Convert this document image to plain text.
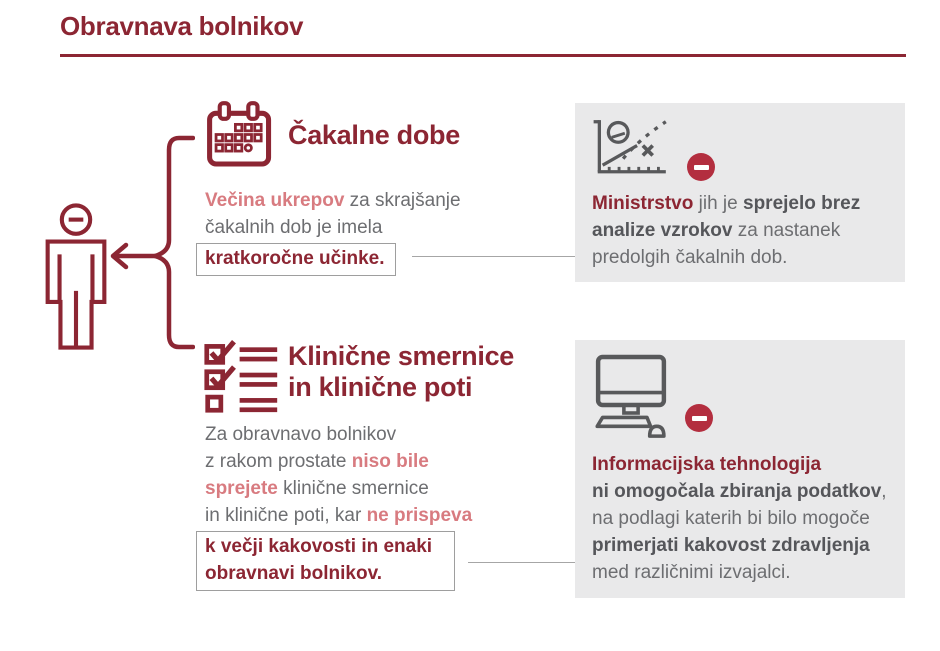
Obravnava bolnikov
Čakalne dobe

Večina ukrepov za skrajšanje
čakalnih dob je imela
kratkoročne učinke.

Ministrstvo jih je sprejelo brez
analize vzrokov za nastanek
predolgih čakalnih dob.

Klinične smernice
in klinične poti

Za obravnavo bolnikov
z rakom prostate niso bile
sprejete klinične smernice
in klinične poti, kar ne prispeva
k večji kakovosti in enaki
obravnavi bolnikov.

Informacijska tehnologija
ni omogočala zbiranja podatkov,
na podlagi katerih bi bilo mogoče
primerjati kakovost zdravljenja
med različnimi izvajalci.
